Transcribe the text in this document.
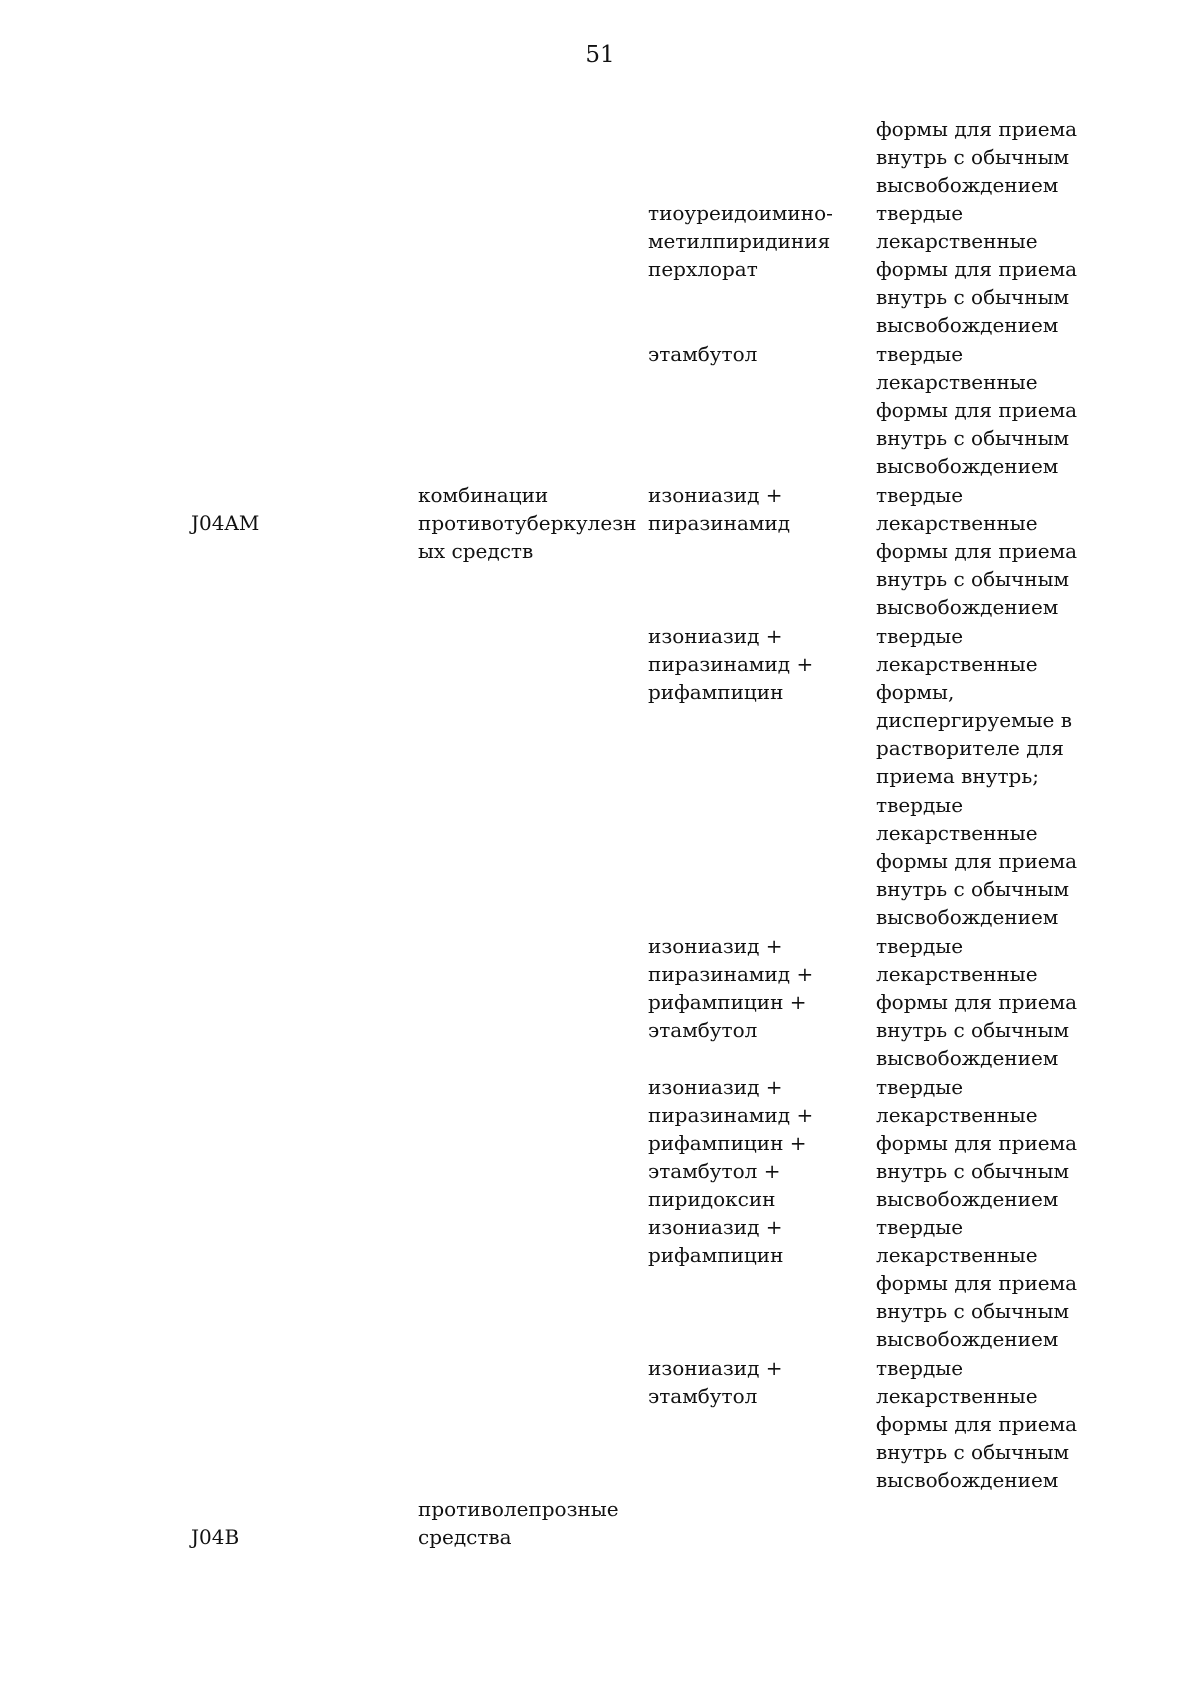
51
формы для приема
внутрь с обычным
высвобождением
тиоуреидоимино-
метилпиридиния
перхлорат
твердые
лекарственные
формы для приема
внутрь с обычным
высвобождением
этамбутол	твердые
лекарственные
формы для приема
внутрь с обычным
высвобождением
комбинации
противотуберкулезн
ых средств
J04AM
изониазид +
пиразинамид
твердые
лекарственные
формы для приема
внутрь с обычным
высвобождением
изониазид +
пиразинамид +
рифампицин
твердые
лекарственные
формы,
диспергируемые в
растворителе для
приема внутрь;
твердые
лекарственные
формы для приема
внутрь с обычным
высвобождением
изониазид +
пиразинамид +
рифампицин +
этамбутол
твердые
лекарственные
формы для приема
внутрь с обычным
высвобождением
изониазид +
пиразинамид +
рифампицин +
этамбутол +
пиридоксин
твердые
лекарственные
формы для приема
внутрь с обычным
высвобождением
изониазид +
рифампицин
твердые
лекарственные
формы для приема
внутрь с обычным
высвобождением
изониазид +
этамбутол
твердые
лекарственные
формы для приема
внутрь с обычным
высвобождением
противолепрозные
средства
J04B
